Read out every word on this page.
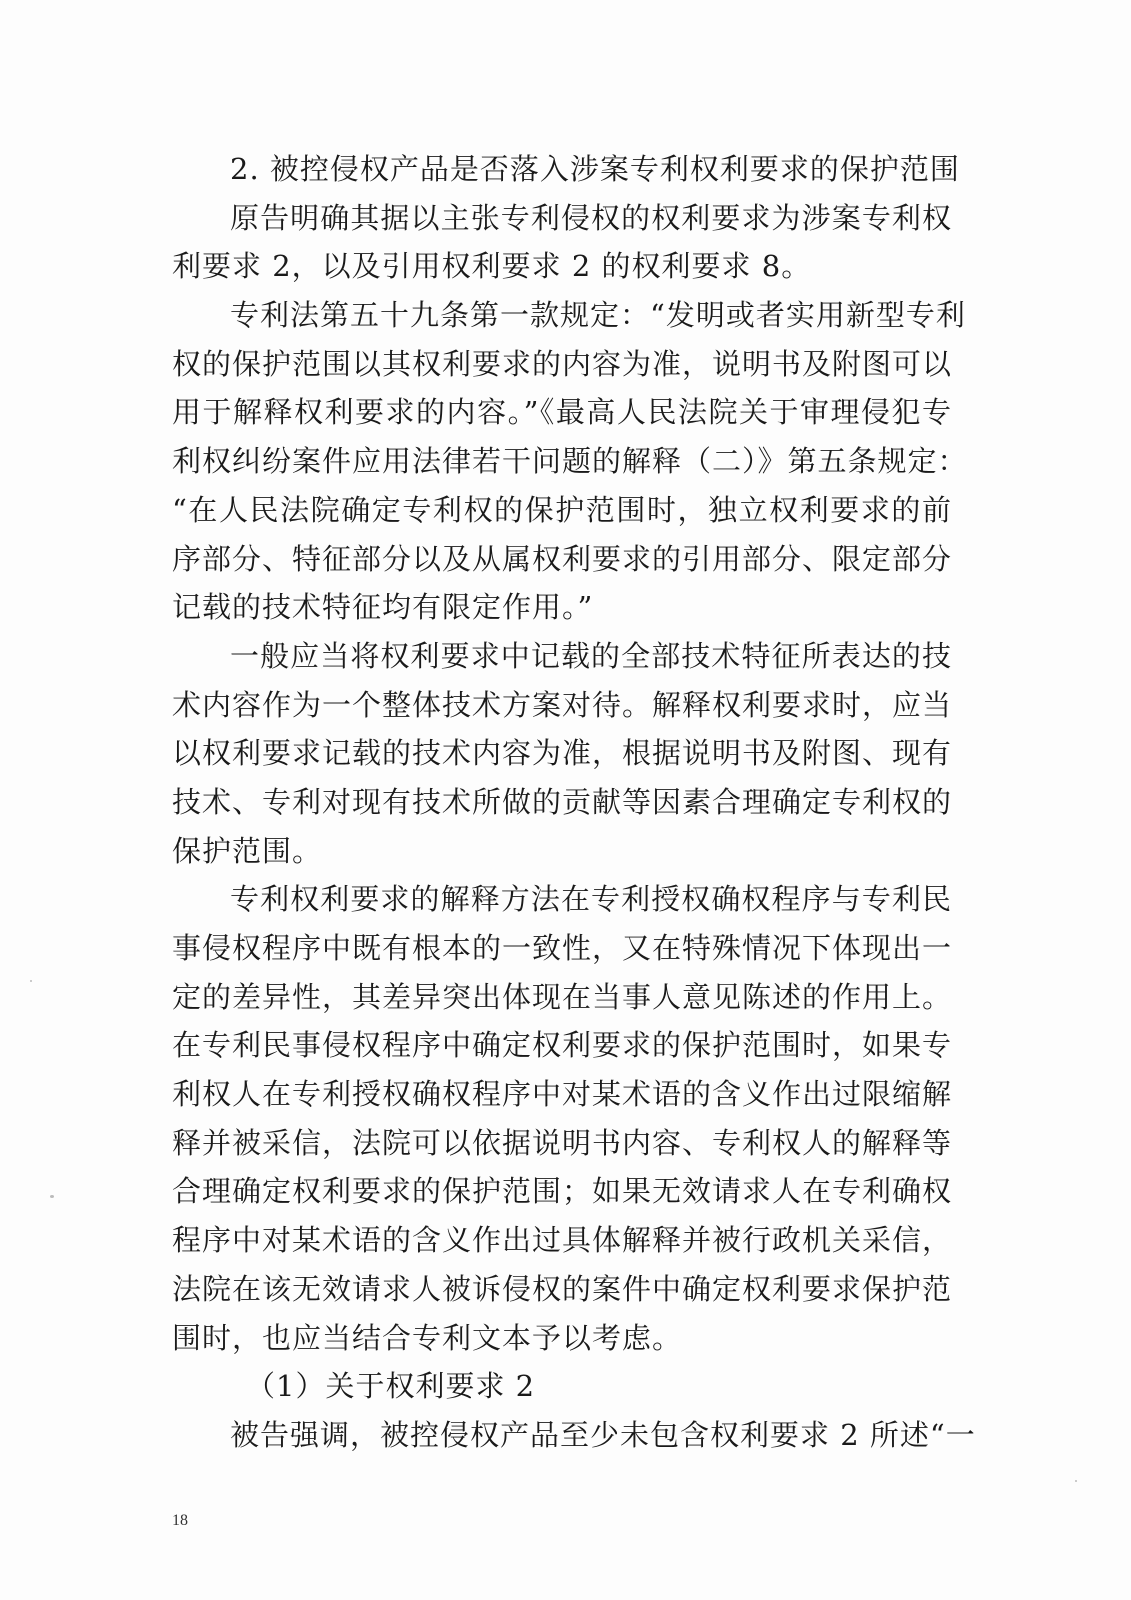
2. 被控侵权产品是否落入涉案专利权利要求的保护范围
原告明确其据以主张专利侵权的权利要求为涉案专利权
利要求 2，以及引用权利要求 2 的权利要求 8。
专利法第五十九条第一款规定：“发明或者实用新型专利
权的保护范围以其权利要求的内容为准，说明书及附图可以
用于解释权利要求的内容。”《最高人民法院关于审理侵犯专
利权纠纷案件应用法律若干问题的解释（二）》第五条规定：
“在人民法院确定专利权的保护范围时，独立权利要求的前
序部分、特征部分以及从属权利要求的引用部分、限定部分
记载的技术特征均有限定作用。”
一般应当将权利要求中记载的全部技术特征所表达的技
术内容作为一个整体技术方案对待。解释权利要求时，应当
以权利要求记载的技术内容为准，根据说明书及附图、现有
技术、专利对现有技术所做的贡献等因素合理确定专利权的
保护范围。
专利权利要求的解释方法在专利授权确权程序与专利民
事侵权程序中既有根本的一致性，又在特殊情况下体现出一
定的差异性，其差异突出体现在当事人意见陈述的作用上。
在专利民事侵权程序中确定权利要求的保护范围时，如果专
利权人在专利授权确权程序中对某术语的含义作出过限缩解
释并被采信，法院可以依据说明书内容、专利权人的解释等
合理确定权利要求的保护范围；如果无效请求人在专利确权
程序中对某术语的含义作出过具体解释并被行政机关采信，
法院在该无效请求人被诉侵权的案件中确定权利要求保护范
围时，也应当结合专利文本予以考虑。
（1）关于权利要求 2
被告强调，被控侵权产品至少未包含权利要求 2 所述“一
18
